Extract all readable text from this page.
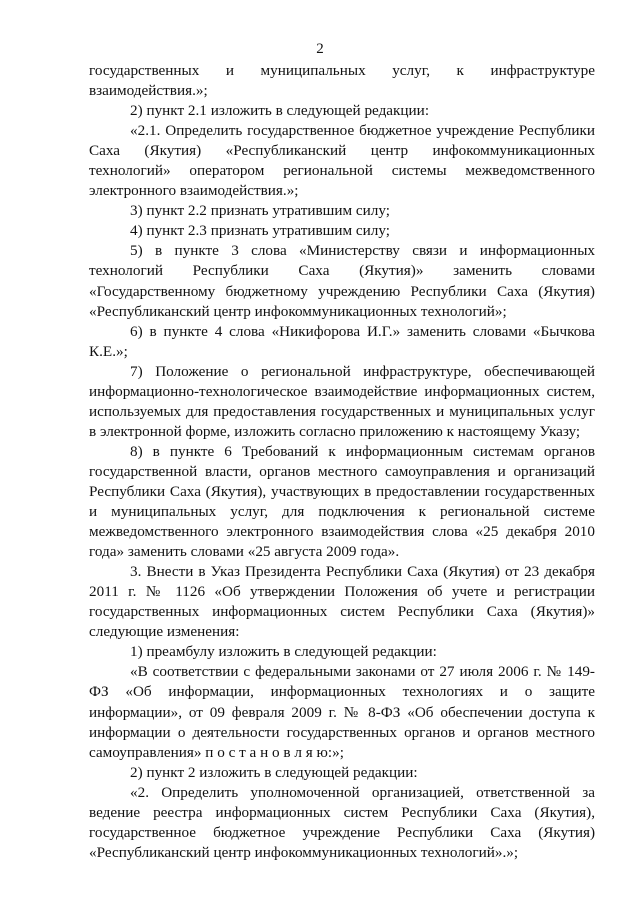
2

государственных и муниципальных услуг, к инфраструктуре взаимодействия.»;

2) пункт 2.1 изложить в следующей редакции:

«2.1. Определить государственное бюджетное учреждение Республики Саха (Якутия) «Республиканский центр инфокоммуникационных технологий» оператором региональной системы межведомственного электронного взаимодействия.»;

3) пункт 2.2 признать утратившим силу;

4) пункт 2.3 признать утратившим силу;

5) в пункте 3 слова «Министерству связи и информационных технологий Республики Саха (Якутия)» заменить словами «Государственному бюджетному учреждению Республики Саха (Якутия) «Республиканский центр инфокоммуникационных технологий»;

6) в пункте 4 слова «Никифорова И.Г.» заменить словами «Бычкова К.Е.»;

7) Положение о региональной инфраструктуре, обеспечивающей информационно-технологическое взаимодействие информационных систем, используемых для предоставления государственных и муниципальных услуг в электронной форме, изложить согласно приложению к настоящему Указу;

8) в пункте 6 Требований к информационным системам органов государственной власти, органов местного самоуправления и организаций Республики Саха (Якутия), участвующих в предоставлении государственных и муниципальных услуг, для подключения к региональной системе межведомственного электронного взаимодействия слова «25 декабря 2010 года» заменить словами «25 августа 2009 года».

3. Внести в Указ Президента Республики Саха (Якутия) от 23 декабря 2011 г. № 1126 «Об утверждении Положения об учете и регистрации государственных информационных систем Республики Саха (Якутия)» следующие изменения:

1) преамбулу изложить в следующей редакции:

«В соответствии с федеральными законами от 27 июля 2006 г. № 149-ФЗ «Об информации, информационных технологиях и о защите информации», от 09 февраля 2009 г. № 8-ФЗ «Об обеспечении доступа к информации о деятельности государственных органов и органов местного самоуправления» п о с т а н о в л я ю:»;

2) пункт 2 изложить в следующей редакции:

«2. Определить уполномоченной организацией, ответственной за ведение реестра информационных систем Республики Саха (Якутия), государственное бюджетное учреждение Республики Саха (Якутия) «Республиканский центр инфокоммуникационных технологий».»;
